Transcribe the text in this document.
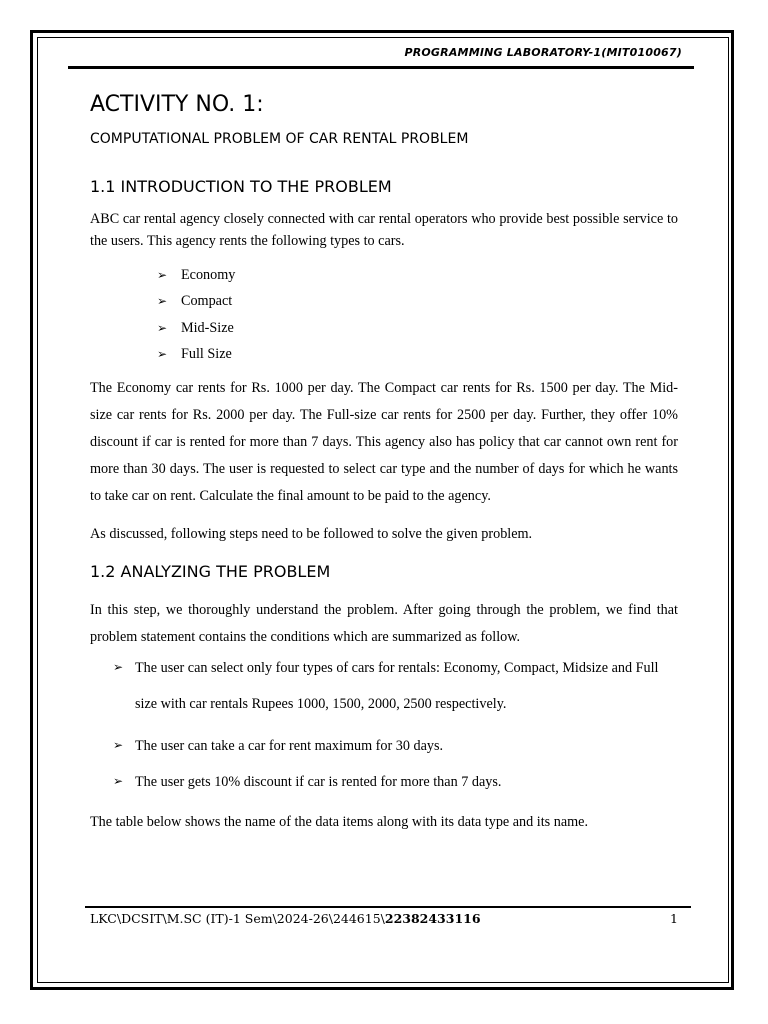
PROGRAMMING LABORATORY-1(MIT010067)
ACTIVITY NO. 1:
COMPUTATIONAL PROBLEM OF CAR RENTAL PROBLEM
1.1 INTRODUCTION TO THE PROBLEM
ABC car rental agency closely connected with car rental operators who provide best possible service to the users. This agency rents the following types to cars.
➢ Economy
➢ Compact
➢ Mid-Size
➢ Full Size
The Economy car rents for Rs. 1000 per day. The Compact car rents for Rs. 1500 per day. The Mid-size car rents for Rs. 2000 per day. The Full-size car rents for 2500 per day. Further, they offer 10% discount if car is rented for more than 7 days. This agency also has policy that car cannot own rent for more than 30 days. The user is requested to select car type and the number of days for which he wants to take car on rent. Calculate the final amount to be paid to the agency.
As discussed, following steps need to be followed to solve the given problem.
1.2 ANALYZING THE PROBLEM
In this step, we thoroughly understand the problem. After going through the problem, we find that problem statement contains the conditions which are summarized as follow.
➢ The user can select only four types of cars for rentals: Economy, Compact, Midsize and Full size with car rentals Rupees 1000, 1500, 2000, 2500 respectively.
➢ The user can take a car for rent maximum for 30 days.
➢ The user gets 10% discount if car is rented for more than 7 days.
The table below shows the name of the data items along with its data type and its name.
LKC\DCSIT\M.SC (IT)-1 Sem\2024-26\244615\22382433116	1
